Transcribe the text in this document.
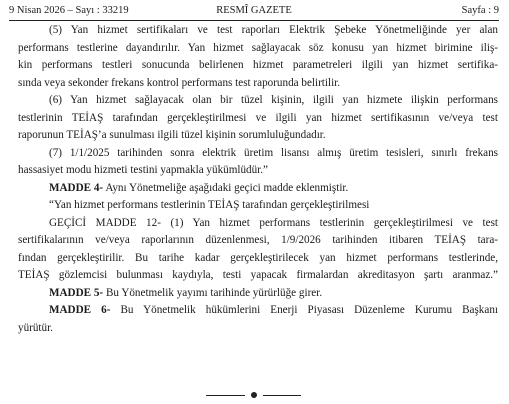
9 Nisan 2026 – Sayı : 33219	RESMÎ GAZETE	Sayfa : 9
(5) Yan hizmet sertifikaları ve test raporları Elektrik Şebeke Yönetmeliğinde yer alan
performans testlerine dayandırılır. Yan hizmet sağlayacak söz konusu yan hizmet birimine iliş-
kin performans testleri sonucunda belirlenen hizmet parametreleri ilgili yan hizmet sertifika-
sında veya sekonder frekans kontrol performans test raporunda belirtilir.
(6) Yan hizmet sağlayacak olan bir tüzel kişinin, ilgili yan hizmete ilişkin performans
testlerinin TEİAŞ tarafından gerçekleştirilmesi ve ilgili yan hizmet sertifikasının ve/veya test
raporunun TEİAŞ’a sunulması ilgili tüzel kişinin sorumluluğundadır.
(7) 1/1/2025 tarihinden sonra elektrik üretim lisansı almış üretim tesisleri, sınırlı frekans
hassasiyet modu hizmeti testini yapmakla yükümlüdür.”
MADDE 4- Aynı Yönetmeliğe aşağıdaki geçici madde eklenmiştir.
“Yan hizmet performans testlerinin TEİAŞ tarafından gerçekleştirilmesi
GEÇİCİ MADDE 12- (1) Yan hizmet performans testlerinin gerçekleştirilmesi ve test
sertifikalarının ve/veya raporlarının düzenlenmesi, 1/9/2026 tarihinden itibaren TEİAŞ tara-
fından gerçekleştirilir. Bu tarihe kadar gerçekleştirilecek yan hizmet performans testlerinde,
TEİAŞ gözlemcisi bulunması kaydıyla, testi yapacak firmalardan akreditasyon şartı aranmaz.”
MADDE 5- Bu Yönetmelik yayımı tarihinde yürürlüğe girer.
MADDE 6- Bu Yönetmelik hükümlerini Enerji Piyasası Düzenleme Kurumu Başkanı
yürütür.
